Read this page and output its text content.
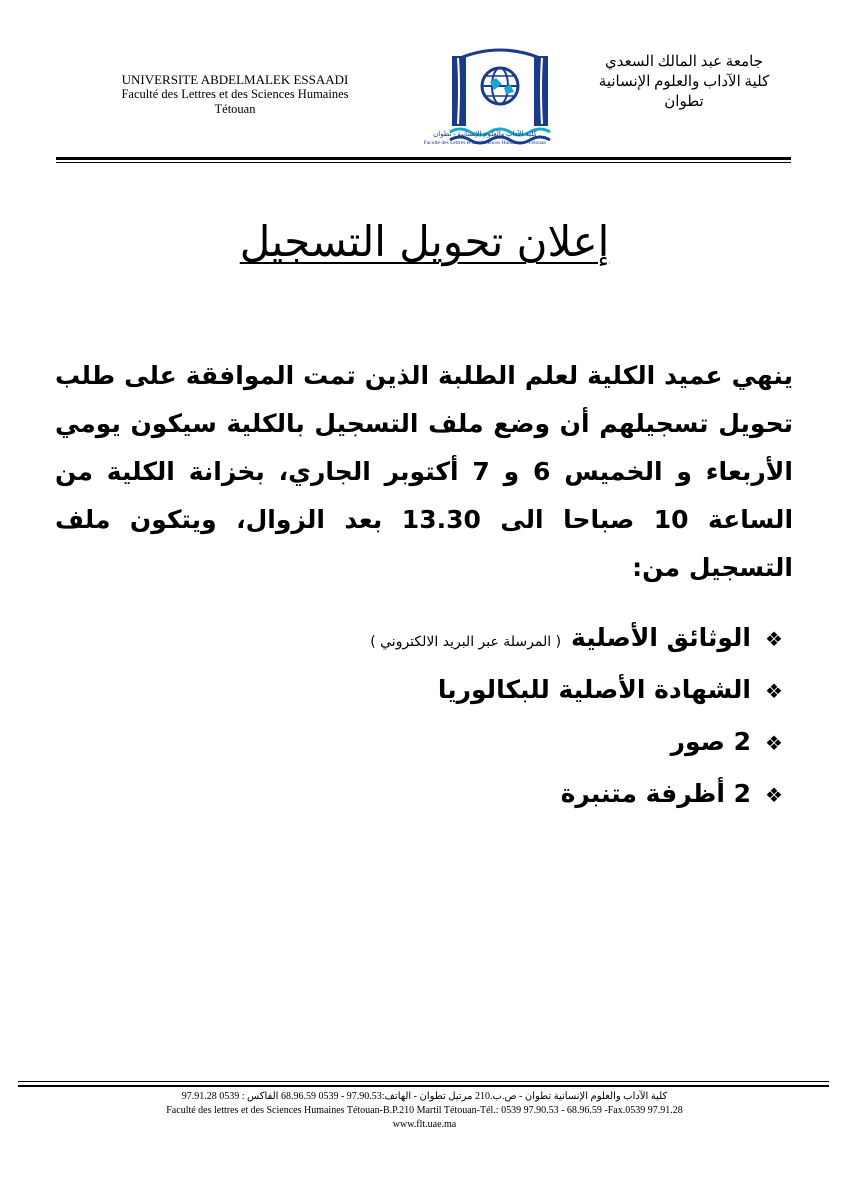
UNIVERSITE ABDELMALEK ESSAADI
Faculté des Lettres et des Sciences Humaines
Tétouan
كلية الآداب والعلوم الإنسانية - تطوان
Faculté des Lettres et des Sciences Humaines - Tétouan
جامعة عبد المالك السعدي
كلية الآداب والعلوم الإنسانية
تطوان
إعلان تحويل التسجيل
ينهي عميد الكلية لعلم الطلبة الذين تمت الموافقة على طلب تحويل تسجيلهم أن وضع ملف التسجيل بالكلية سيكون يومي الأربعاء و الخميس 6 و 7 أكتوبر الجاري، بخزانة الكلية من الساعة 10 صباحا الى 13.30 بعد الزوال، ويتكون ملف التسجيل من:
❖الوثائق الأصلية( المرسلة عبر البريد الالكتروني )
❖الشهادة الأصلية للبكالوريا
❖2 صور
❖2 أظرفة متنبرة
كلية الآداب والعلوم الإنسانية تطوان - ص.ب.210 مرتيل تطوان - الهاتف:97.90.53 - 0539 68.96.59 الفاكس : 0539 97.91.28
Faculté des lettres et des Sciences Humaines Tétouan-B.P.210 Martil Tétouan-Tél.: 0539 97.90.53 - 68.96.59 -Fax.0539 97.91.28
www.flt.uae.ma
